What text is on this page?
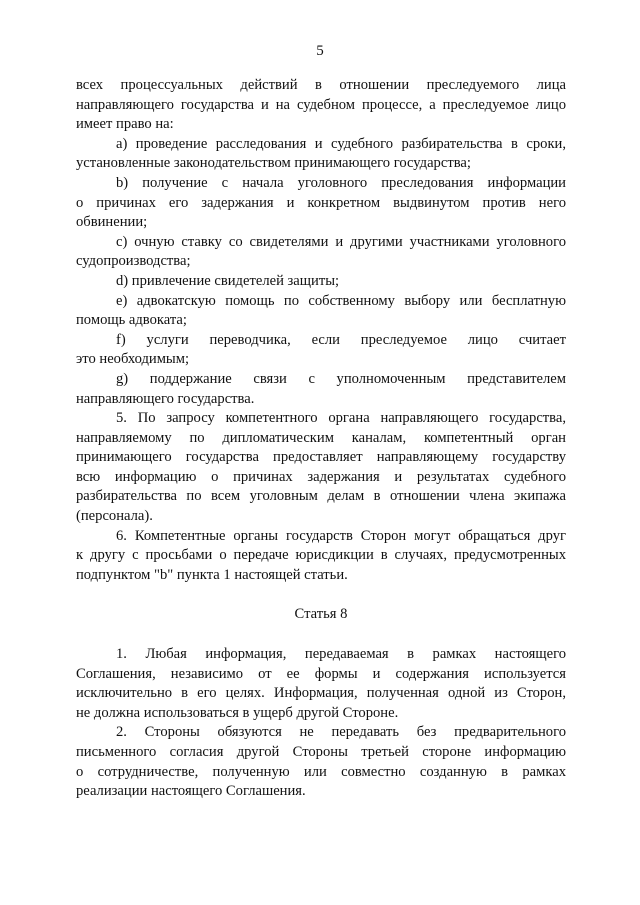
5
всех процессуальных действий в отношении преследуемого лица
направляющего государства и на судебном процессе, а преследуемое лицо
имеет право на:
a) проведение расследования и судебного разбирательства в сроки,
установленные законодательством принимающего государства;
b) получение с начала уголовного преследования информации
о причинах его задержания и конкретном выдвинутом против него
обвинении;
c) очную ставку со свидетелями и другими участниками уголовного
судопроизводства;
d) привлечение свидетелей защиты;
e) адвокатскую помощь по собственному выбору или бесплатную
помощь адвоката;
f) услуги переводчика, если преследуемое лицо считает
это необходимым;
g) поддержание связи с уполномоченным представителем
направляющего государства.
5. По запросу компетентного органа направляющего государства,
направляемому по дипломатическим каналам, компетентный орган
принимающего государства предоставляет направляющему государству
всю информацию о причинах задержания и результатах судебного
разбирательства по всем уголовным делам в отношении члена экипажа
(персонала).
6. Компетентные органы государств Сторон могут обращаться друг
к другу с просьбами о передаче юрисдикции в случаях, предусмотренных
подпунктом "b" пункта 1 настоящей статьи.
Статья 8
1. Любая информация, передаваемая в рамках настоящего
Соглашения, независимо от ее формы и содержания используется
исключительно в его целях. Информация, полученная одной из Сторон,
не должна использоваться в ущерб другой Стороне.
2. Стороны обязуются не передавать без предварительного
письменного согласия другой Стороны третьей стороне информацию
о сотрудничестве, полученную или совместно созданную в рамках
реализации настоящего Соглашения.
